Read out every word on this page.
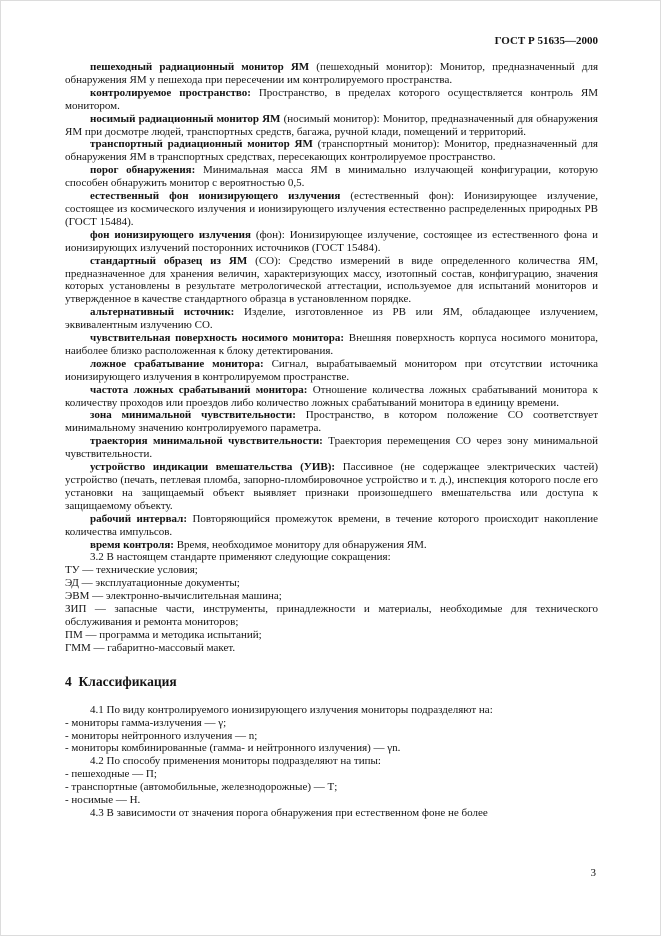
ГОСТ Р 51635—2000

пешеходный радиационный монитор ЯМ (пешеходный монитор): Монитор, предназначенный для обнаружения ЯМ у пешехода при пересечении им контролируемого пространства.

контролируемое пространство: Пространство, в пределах которого осуществляется контроль ЯМ монитором.

носимый радиационный монитор ЯМ (носимый монитор): Монитор, предназначенный для обнаружения ЯМ при досмотре людей, транспортных средств, багажа, ручной клади, помещений и территорий.

транспортный радиационный монитор ЯМ (транспортный монитор): Монитор, предназначенный для обнаружения ЯМ в транспортных средствах, пересекающих контролируемое пространство.

порог обнаружения: Минимальная масса ЯМ в минимально излучающей конфигурации, которую способен обнаружить монитор с вероятностью 0,5.

естественный фон ионизирующего излучения (естественный фон): Ионизирующее излучение, состоящее из космического излучения и ионизирующего излучения естественно распределенных природных РВ (ГОСТ 15484).

фон ионизирующего излучения (фон): Ионизирующее излучение, состоящее из естественного фона и ионизирующих излучений посторонних источников (ГОСТ 15484).

стандартный образец из ЯМ (СО): Средство измерений в виде определенного количества ЯМ, предназначенное для хранения величин, характеризующих массу, изотопный состав, конфигурацию, значения которых установлены в результате метрологической аттестации, используемое для испытаний мониторов и утвержденное в качестве стандартного образца в установленном порядке.

альтернативный источник: Изделие, изготовленное из РВ или ЯМ, обладающее излучением, эквивалентным излучению СО.

чувствительная поверхность носимого монитора: Внешняя поверхность корпуса носимого монитора, наиболее близко расположенная к блоку детектирования.

ложное срабатывание монитора: Сигнал, вырабатываемый монитором при отсутствии источника ионизирующего излучения в контролируемом пространстве.

частота ложных срабатываний монитора: Отношение количества ложных срабатываний монитора к количеству проходов или проездов либо количество ложных срабатываний монитора в единицу времени.

зона минимальной чувствительности: Пространство, в котором положение СО соответствует минимальному значению контролируемого параметра.

траектория минимальной чувствительности: Траектория перемещения СО через зону минимальной чувствительности.

устройство индикации вмешательства (УИВ): Пассивное (не содержащее электрических частей) устройство (печать, петлевая пломба, запорно-пломбировочное устройство и т. д.), инспекция которого после его установки на защищаемый объект выявляет признаки произошедшего вмешательства или доступа к защищаемому объекту.

рабочий интервал: Повторяющийся промежуток времени, в течение которого происходит накопление количества импульсов.

время контроля: Время, необходимое монитору для обнаружения ЯМ.

3.2 В настоящем стандарте применяют следующие сокращения:

ТУ — технические условия;

ЭД — эксплуатационные документы;

ЭВМ — электронно-вычислительная машина;

ЗИП — запасные части, инструменты, принадлежности и материалы, необходимые для технического обслуживания и ремонта мониторов;

ПМ — программа и методика испытаний;

ГММ — габаритно-массовый макет.

4  Классификация

4.1 По виду контролируемого ионизирующего излучения мониторы подразделяют на:

- мониторы гамма-излучения — γ;

- мониторы нейтронного излучения — n;

- мониторы комбинированные (гамма- и нейтронного излучения) — γn.

4.2 По способу применения мониторы подразделяют на типы:

- пешеходные — П;

- транспортные (автомобильные, железнодорожные) — Т;

- носимые — Н.

4.3 В зависимости от значения порога обнаружения при естественном фоне не более

3
